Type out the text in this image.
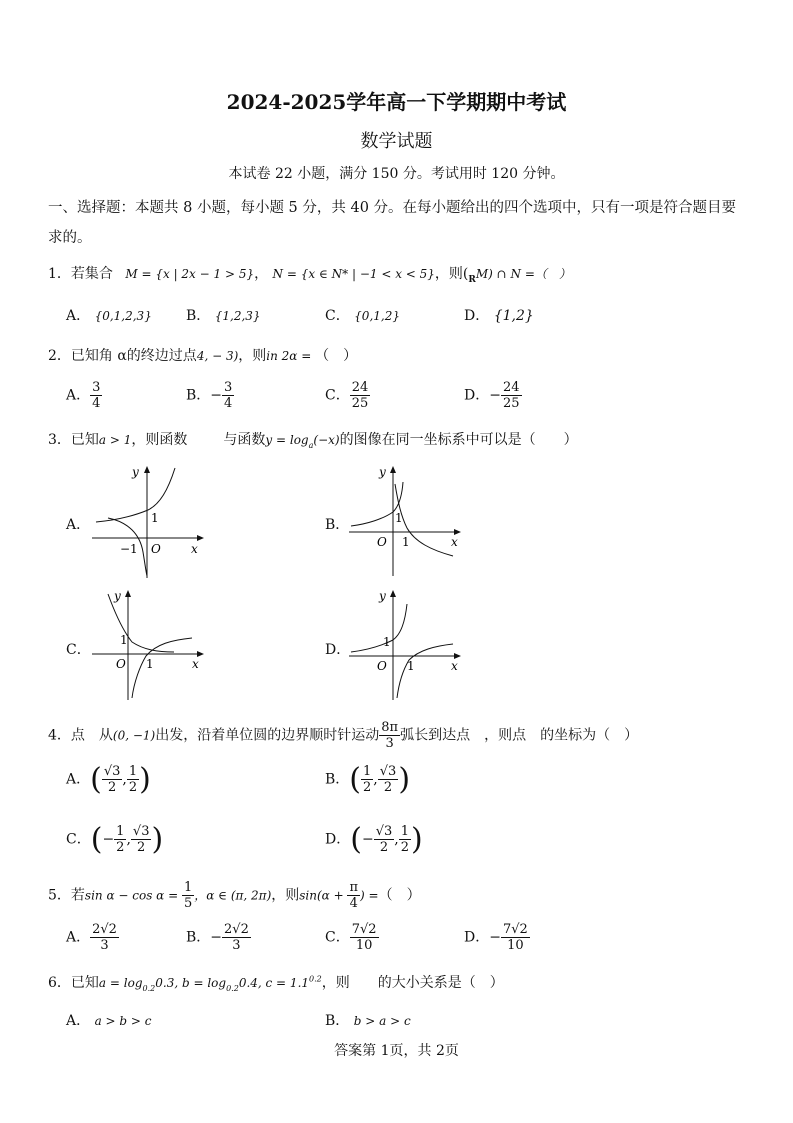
2024-2025学年高一下学期期中考试
数学试题
本试卷 22 小题，满分 150 分。考试用时 120 分钟。
一、选择题：本题共 8 小题，每小题 5 分，共 40 分。在每小题给出的四个选项中，只有一项是符合题目要求的。
1．若集合 M = {x | 2x − 1 > 5}， N = {x ∈ N* | −1 < x < 5}，则$(_RM)$ ∩ N =（　）
A． {0,1,2,3} B． {1,2,3}	C． {0,1,2}	D． {1,2}
2．已知角 α的终边过点4, − 3)，则in 2α = （　）
A． $\frac{3}{4}$	B．− $\frac{3}{4}$	C． $\frac{24}{25}$	D．− $\frac{24}{25}$
3．已知a > 1，则函数	与函数$y = \log_a(-x)$的图像在同一坐标系中可以是（　　）
A．	B．
C．	D．
y
x
O
1
−1
y
x
O
1
1
y
x
O
1
1
y
x
O
1
1
4．点　从(0, −1)出发，沿着单位圆的边界顺时针运动 $\frac{8\pi}{3}$ 弧长到达点　，则点　的坐标为（　）
A．( $\frac{√3}{2}$ , $\frac{1}{2}$ )	B．( $\frac{1}{2}$ , $\frac{√3}{2}$ )
C．(− $\frac{1}{2}$ , $\frac{√3}{2}$ )	D．(− $\frac{√3}{2}$ , $\frac{1}{2}$ )
5．若$\sin \alpha - \cos \alpha = \frac{1}{5}$ ，α ∈ (π, 2π)，则$\sin(\alpha + \frac{\pi}{4}$ ) =（　）
A． $\frac{2√2}{3}$	B．− $\frac{2√2}{3}$	C． $\frac{7√2}{10}$	D．− $\frac{7√2}{10}$
6．已知$a = \log_{0.2}0.3$, $b = \log_{0.2}0.4$, $c = 1.1^{0.2}$，则　　的大小关系是（　）
A． a > b > c	B． b > a > c
答案第 1页，共 2页
